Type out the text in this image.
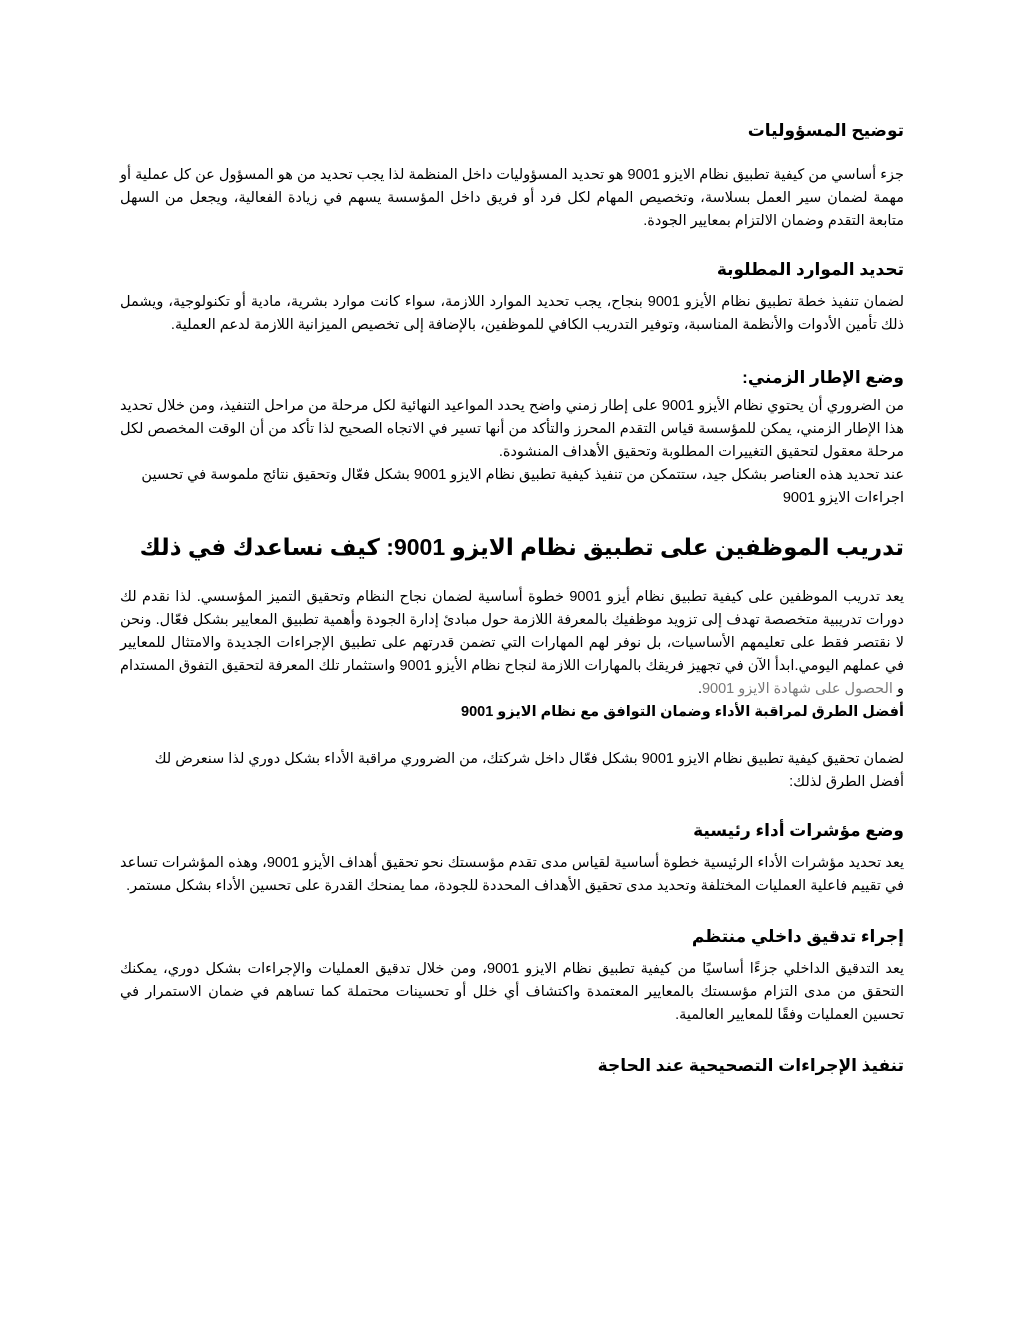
توضيح المسؤوليات

جزء أساسي من كيفية تطبيق نظام الايزو 9001 هو تحديد المسؤوليات داخل المنظمة لذا يجب تحديد من هو المسؤول عن كل عملية أو مهمة لضمان سير العمل بسلاسة، وتخصيص المهام لكل فرد أو فريق داخل المؤسسة يسهم في زيادة الفعالية، ويجعل من السهل متابعة التقدم وضمان الالتزام بمعايير الجودة.

تحديد الموارد المطلوبة

لضمان تنفيذ خطة تطبيق نظام الأيزو 9001 بنجاح، يجب تحديد الموارد اللازمة، سواء كانت موارد بشرية، مادية أو تكنولوجية، ويشمل ذلك تأمين الأدوات والأنظمة المناسبة، وتوفير التدريب الكافي للموظفين، بالإضافة إلى تخصيص الميزانية اللازمة لدعم العملية.

وضع الإطار الزمني:

من الضروري أن يحتوي نظام الأيزو 9001 على إطار زمني واضح يحدد المواعيد النهائية لكل مرحلة من مراحل التنفيذ، ومن خلال تحديد هذا الإطار الزمني، يمكن للمؤسسة قياس التقدم المحرز والتأكد من أنها تسير في الاتجاه الصحيح لذا تأكد من أن الوقت المخصص لكل مرحلة معقول لتحقيق التغييرات المطلوبة وتحقيق الأهداف المنشودة.

عند تحديد هذه العناصر بشكل جيد، ستتمكن من تنفيذ كيفية تطبيق نظام الايزو 9001 بشكل فعّال وتحقيق نتائج ملموسة في تحسين اجراءات الايزو 9001

تدريب الموظفين على تطبيق نظام الايزو 9001: كيف نساعدك في ذلك

يعد تدريب الموظفين على كيفية تطبيق نظام أيزو 9001 خطوة أساسية لضمان نجاح النظام وتحقيق التميز المؤسسي. لذا نقدم لك دورات تدريبية متخصصة تهدف إلى تزويد موظفيك بالمعرفة اللازمة حول مبادئ إدارة الجودة وأهمية تطبيق المعايير بشكل فعّال. ونحن لا نقتصر فقط على تعليمهم الأساسيات، بل نوفر لهم المهارات التي تضمن قدرتهم على تطبيق الإجراءات الجديدة والامتثال للمعايير في عملهم اليومي.ابدأ الآن في تجهيز فريقك بالمهارات اللازمة لنجاح نظام الأيزو 9001 واستثمار تلك المعرفة لتحقيق التفوق المستدام و الحصول على شهادة الايزو 9001.

أفضل الطرق لمراقبة الأداء وضمان التوافق مع نظام الايزو 9001

لضمان تحقيق كيفية تطبيق نظام الايزو 9001 بشكل فعّال داخل شركتك، من الضروري مراقبة الأداء بشكل دوري لذا سنعرض لك أفضل الطرق لذلك:

وضع مؤشرات أداء رئيسية

يعد تحديد مؤشرات الأداء الرئيسية خطوة أساسية لقياس مدى تقدم مؤسستك نحو تحقيق أهداف الأيزو 9001، وهذه المؤشرات تساعد في تقييم فاعلية العمليات المختلفة وتحديد مدى تحقيق الأهداف المحددة للجودة، مما يمنحك القدرة على تحسين الأداء بشكل مستمر.

إجراء تدقيق داخلي منتظم

يعد التدقيق الداخلي جزءًا أساسيًا من كيفية تطبيق نظام الايزو 9001، ومن خلال تدقيق العمليات والإجراءات بشكل دوري، يمكنك التحقق من مدى التزام مؤسستك بالمعايير المعتمدة واكتشاف أي خلل أو تحسينات محتملة كما تساهم في ضمان الاستمرار في تحسين العمليات وفقًا للمعايير العالمية.

تنفيذ الإجراءات التصحيحية عند الحاجة
